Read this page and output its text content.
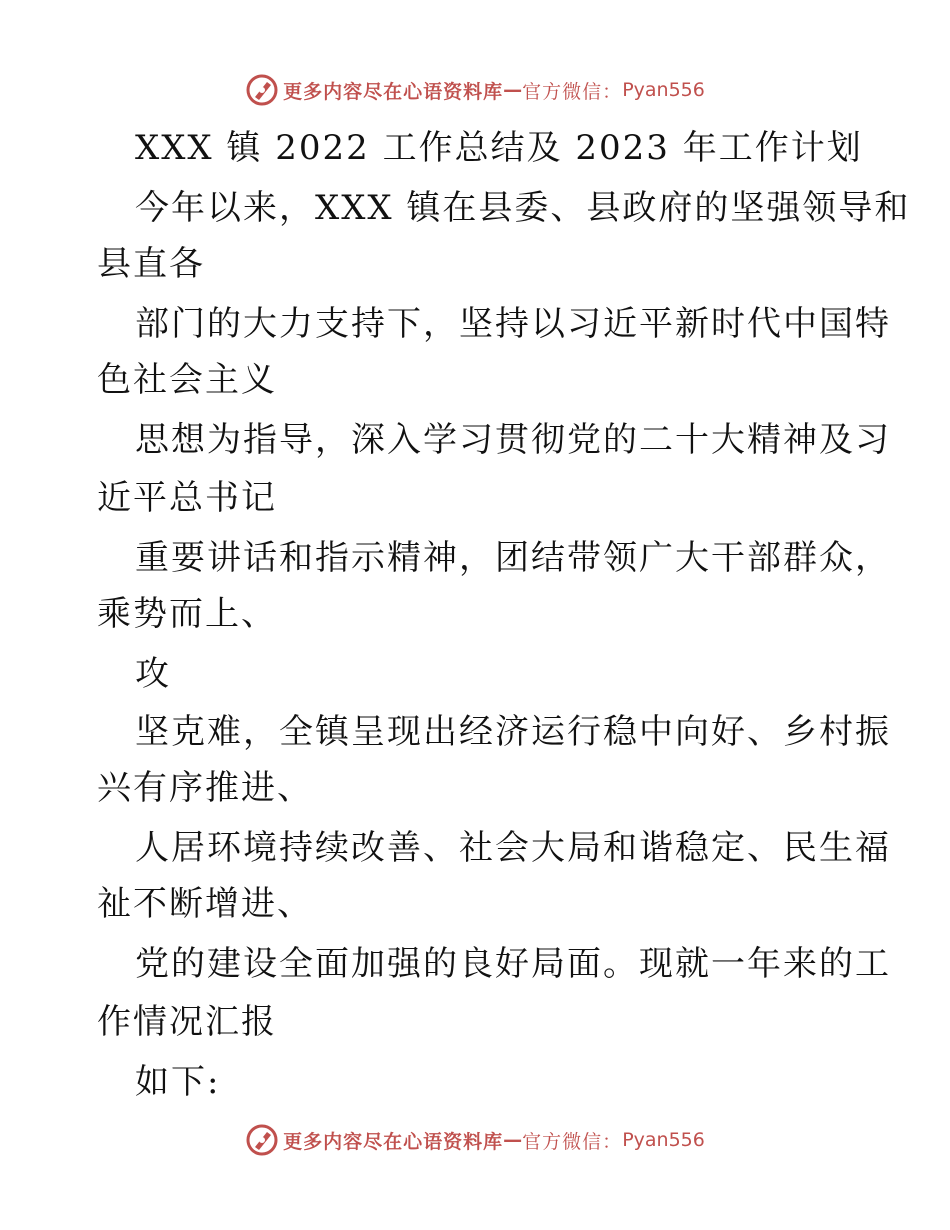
更多内容尽在心语资料库 — 官方微信： Pyan556
XXX 镇 2022 工作总结及 2023 年工作计划
今年以来，XXX 镇在县委、县政府的坚强领导和
县直各
部门的大力支持下，坚持以习近平新时代中国特
色社会主义
思想为指导，深入学习贯彻党的二十大精神及习
近平总书记
重要讲话和指示精神，团结带领广大干部群众，
乘势而上、
攻
坚克难，全镇呈现出经济运行稳中向好、乡村振
兴有序推进、
人居环境持续改善、社会大局和谐稳定、民生福
祉不断增进、
党的建设全面加强的良好局面。现就一年来的工
作情况汇报
如下:
更多内容尽在心语资料库 — 官方微信： Pyan556
